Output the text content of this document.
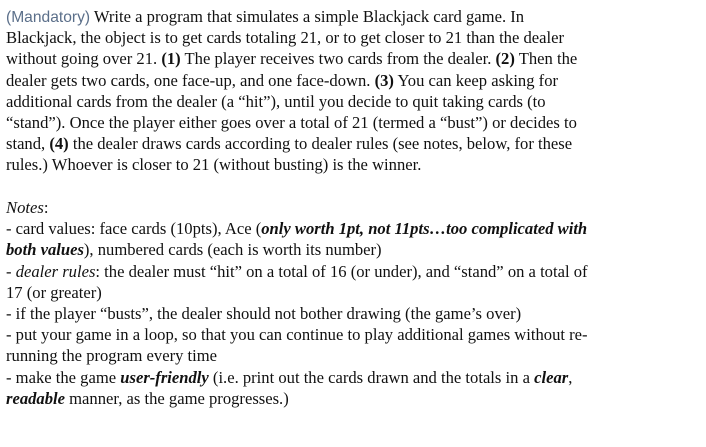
(Mandatory) Write a program that simulates a simple Blackjack card game. In
Blackjack, the object is to get cards totaling 21, or to get closer to 21 than the dealer
without going over 21. (1) The player receives two cards from the dealer. (2) Then the
dealer gets two cards, one face-up, and one face-down. (3) You can keep asking for
additional cards from the dealer (a “hit”), until you decide to quit taking cards (to
“stand”). Once the player either goes over a total of 21 (termed a “bust”) or decides to
stand, (4) the dealer draws cards according to dealer rules (see notes, below, for these
rules.) Whoever is closer to 21 (without busting) is the winner.
Notes:
- card values: face cards (10pts), Ace (only worth 1pt, not 11pts…too complicated with
both values), numbered cards (each is worth its number)
- dealer rules: the dealer must “hit” on a total of 16 (or under), and “stand” on a total of
17 (or greater)
- if the player “busts”, the dealer should not bother drawing (the game’s over)
- put your game in a loop, so that you can continue to play additional games without re-
running the program every time
- make the game user-friendly (i.e. print out the cards drawn and the totals in a clear,
readable manner, as the game progresses.)
